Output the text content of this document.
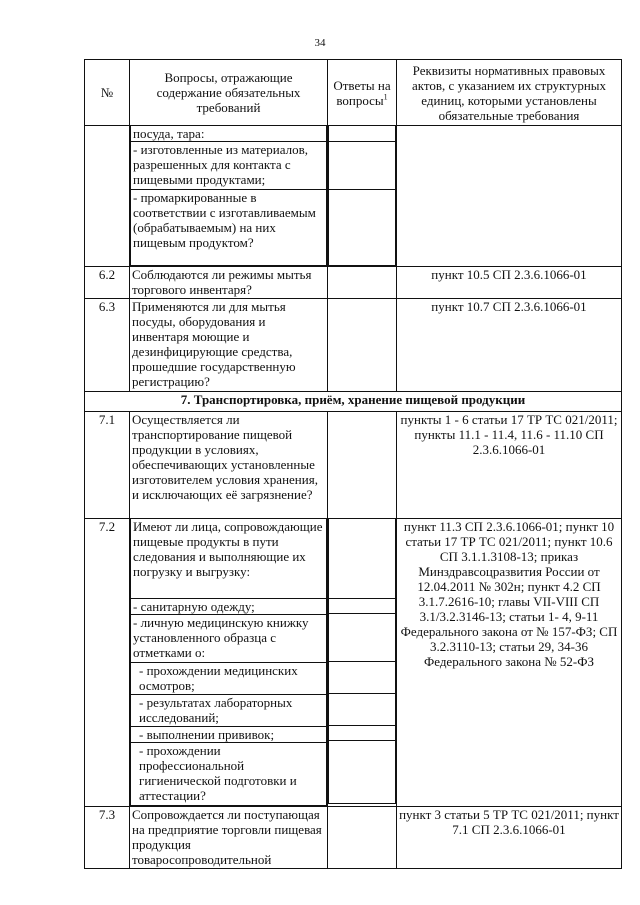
34
№	Вопросы, отражающие содержание обязательных требований	Ответы на вопросы$^1$	Реквизиты нормативных правовых актов, с указанием их структурных единиц, которыми установлены обязательные требования

посуда, тара:
- изготовленные из материалов, разрешенных для контакта с пищевыми продуктами;
- промаркированные в соответствии с изготавливаемым (обрабатываемым) на них пищевым продуктом?

6.2	Соблюдаются ли режимы мытья торгового инвентаря?		пункт 10.5 СП 2.3.6.1066-01
6.3	Применяются ли для мытья посуды, оборудования и инвентаря моющие и дезинфицирующие средства, прошедшие государственную регистрацию?		пункт 10.7 СП 2.3.6.1066-01
7. Транспортировка, приём, хранение пищевой продукции
7.1	Осуществляется ли транспортирование пищевой продукции в условиях, обеспечивающих установленные изготовителем условия хранения, и исключающих её загрязнение?		пункты 1 - 6 статьи 17 ТР ТС 021/2011; пункты 11.1 - 11.4, 11.6 - 11.10 СП 2.3.6.1066-01
7.2	Имеют ли лица, сопровождающие пищевые продукты в пути следования и выполняющие их погрузку и выгрузку:
- санитарную одежду;
- личную медицинскую книжку установленного образца с отметками о:
- прохождении медицинских осмотров;
- результатах лабораторных исследований;
- выполнении прививок;
- прохождении профессиональной гигиенической подготовки и аттестации?

	пункт 11.3 СП 2.3.6.1066-01; пункт 10 статьи 17 ТР ТС 021/2011; пункт 10.6 СП 3.1.1.3108-13; приказ Минздравсоцразвития России от 12.04.2011 № 302н; пункт 4.2 СП 3.1.7.2616-10; главы VII-VIII СП 3.1/3.2.3146-13; статьи 1- 4, 9-11 Федерального закона от № 157-ФЗ; СП 3.2.3110-13; статьи 29, 34-36 Федерального закона № 52-ФЗ
7.3	Сопровождается ли поступающая на предприятие торговли пищевая продукция товаросопроводительной		пункт 3 статьи 5 ТР ТС 021/2011; пункт 7.1 СП 2.3.6.1066-01
